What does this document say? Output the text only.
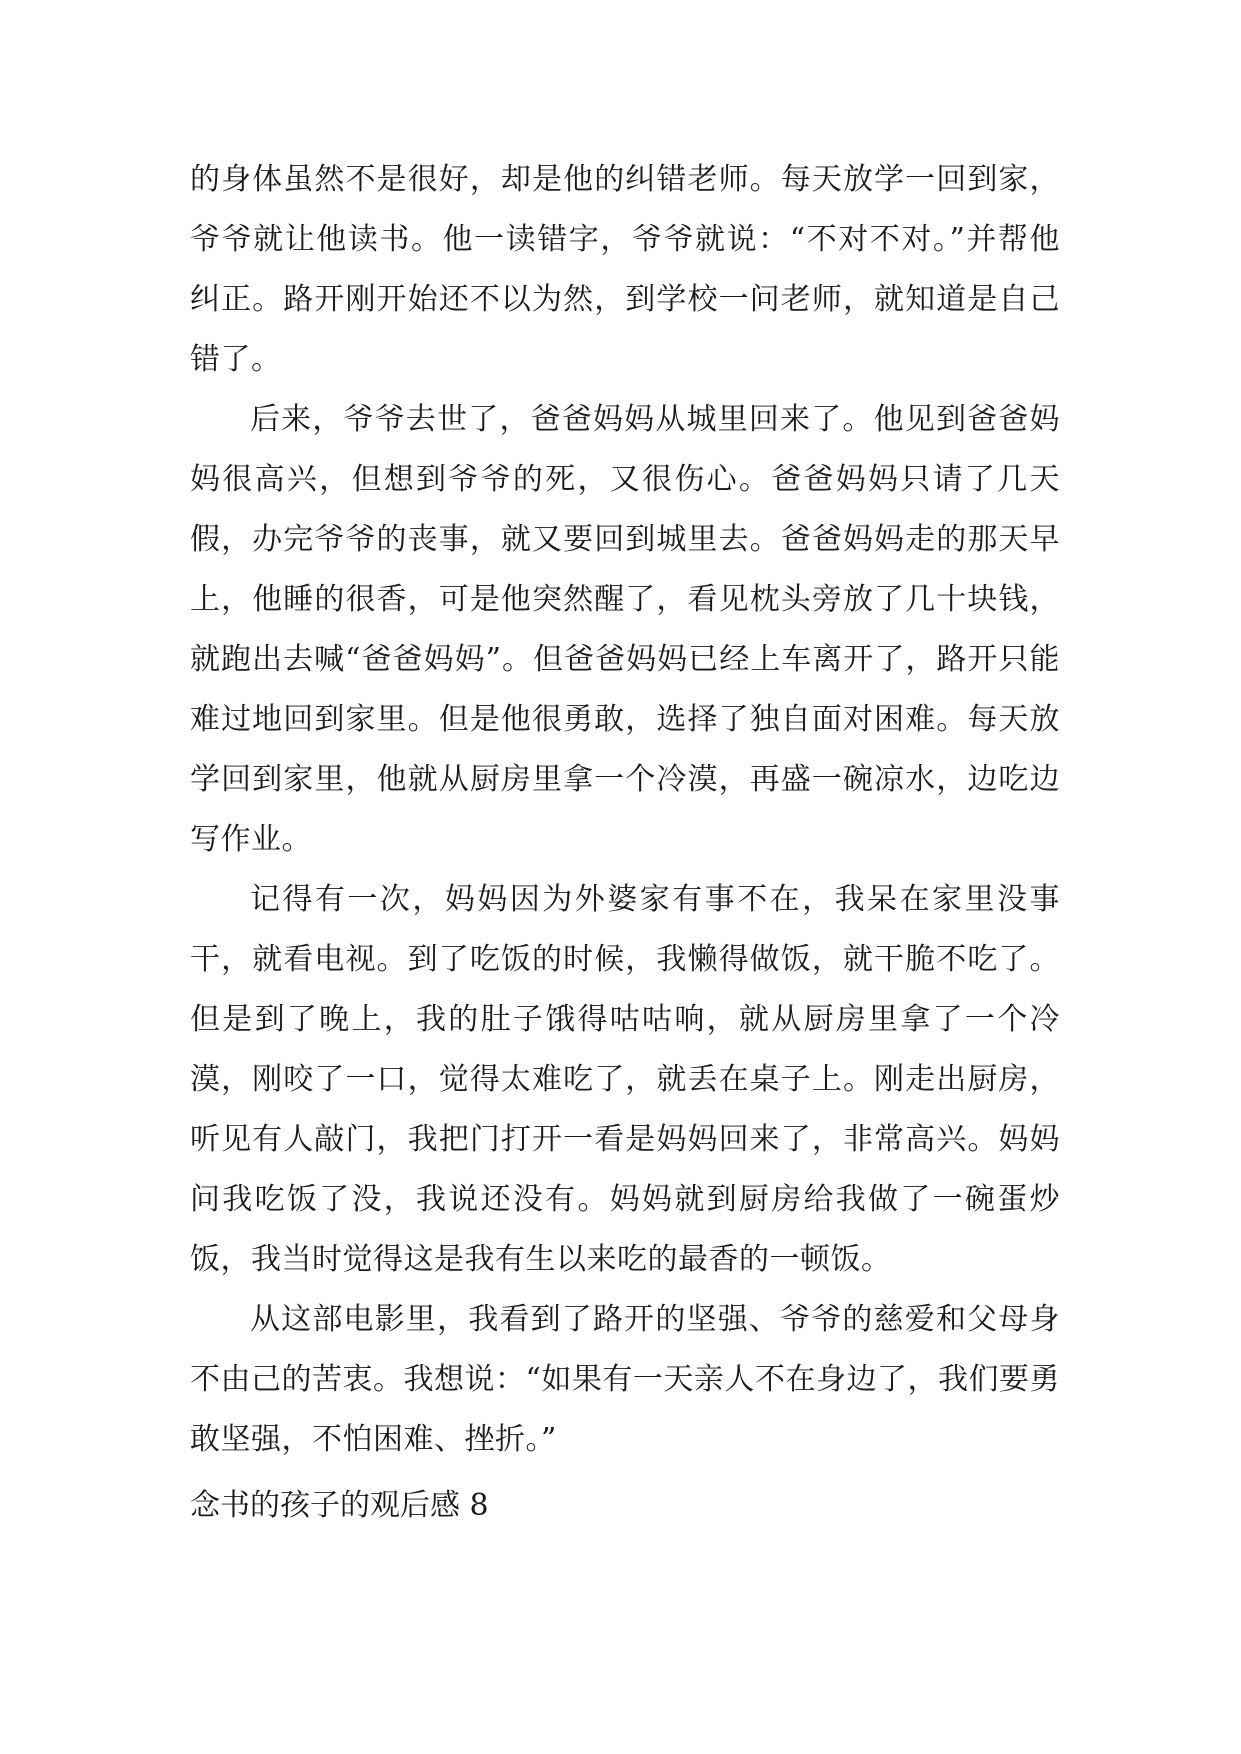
的身体虽然不是很好，却是他的纠错老师。每天放学一回到家，爷爷就让他读书。他一读错字，爷爷就说：“不对不对。”并帮他纠正。路开刚开始还不以为然，到学校一问老师，就知道是自己错了。

后来，爷爷去世了，爸爸妈妈从城里回来了。他见到爸爸妈妈很高兴，但想到爷爷的死，又很伤心。爸爸妈妈只请了几天假，办完爷爷的丧事，就又要回到城里去。爸爸妈妈走的那天早上，他睡的很香，可是他突然醒了，看见枕头旁放了几十块钱，就跑出去喊“爸爸妈妈”。但爸爸妈妈已经上车离开了，路开只能难过地回到家里。但是他很勇敢，选择了独自面对困难。每天放学回到家里，他就从厨房里拿一个冷漠，再盛一碗凉水，边吃边写作业。

记得有一次，妈妈因为外婆家有事不在，我呆在家里没事干，就看电视。到了吃饭的时候，我懒得做饭，就干脆不吃了。但是到了晚上，我的肚子饿得咕咕响，就从厨房里拿了一个冷漠，刚咬了一口，觉得太难吃了，就丢在桌子上。刚走出厨房，听见有人敲门，我把门打开一看是妈妈回来了，非常高兴。妈妈问我吃饭了没，我说还没有。妈妈就到厨房给我做了一碗蛋炒饭，我当时觉得这是我有生以来吃的最香的一顿饭。

从这部电影里，我看到了路开的坚强、爷爷的慈爱和父母身不由己的苦衷。我想说：“如果有一天亲人不在身边了，我们要勇敢坚强，不怕困难、挫折。”

念书的孩子的观后感 8
